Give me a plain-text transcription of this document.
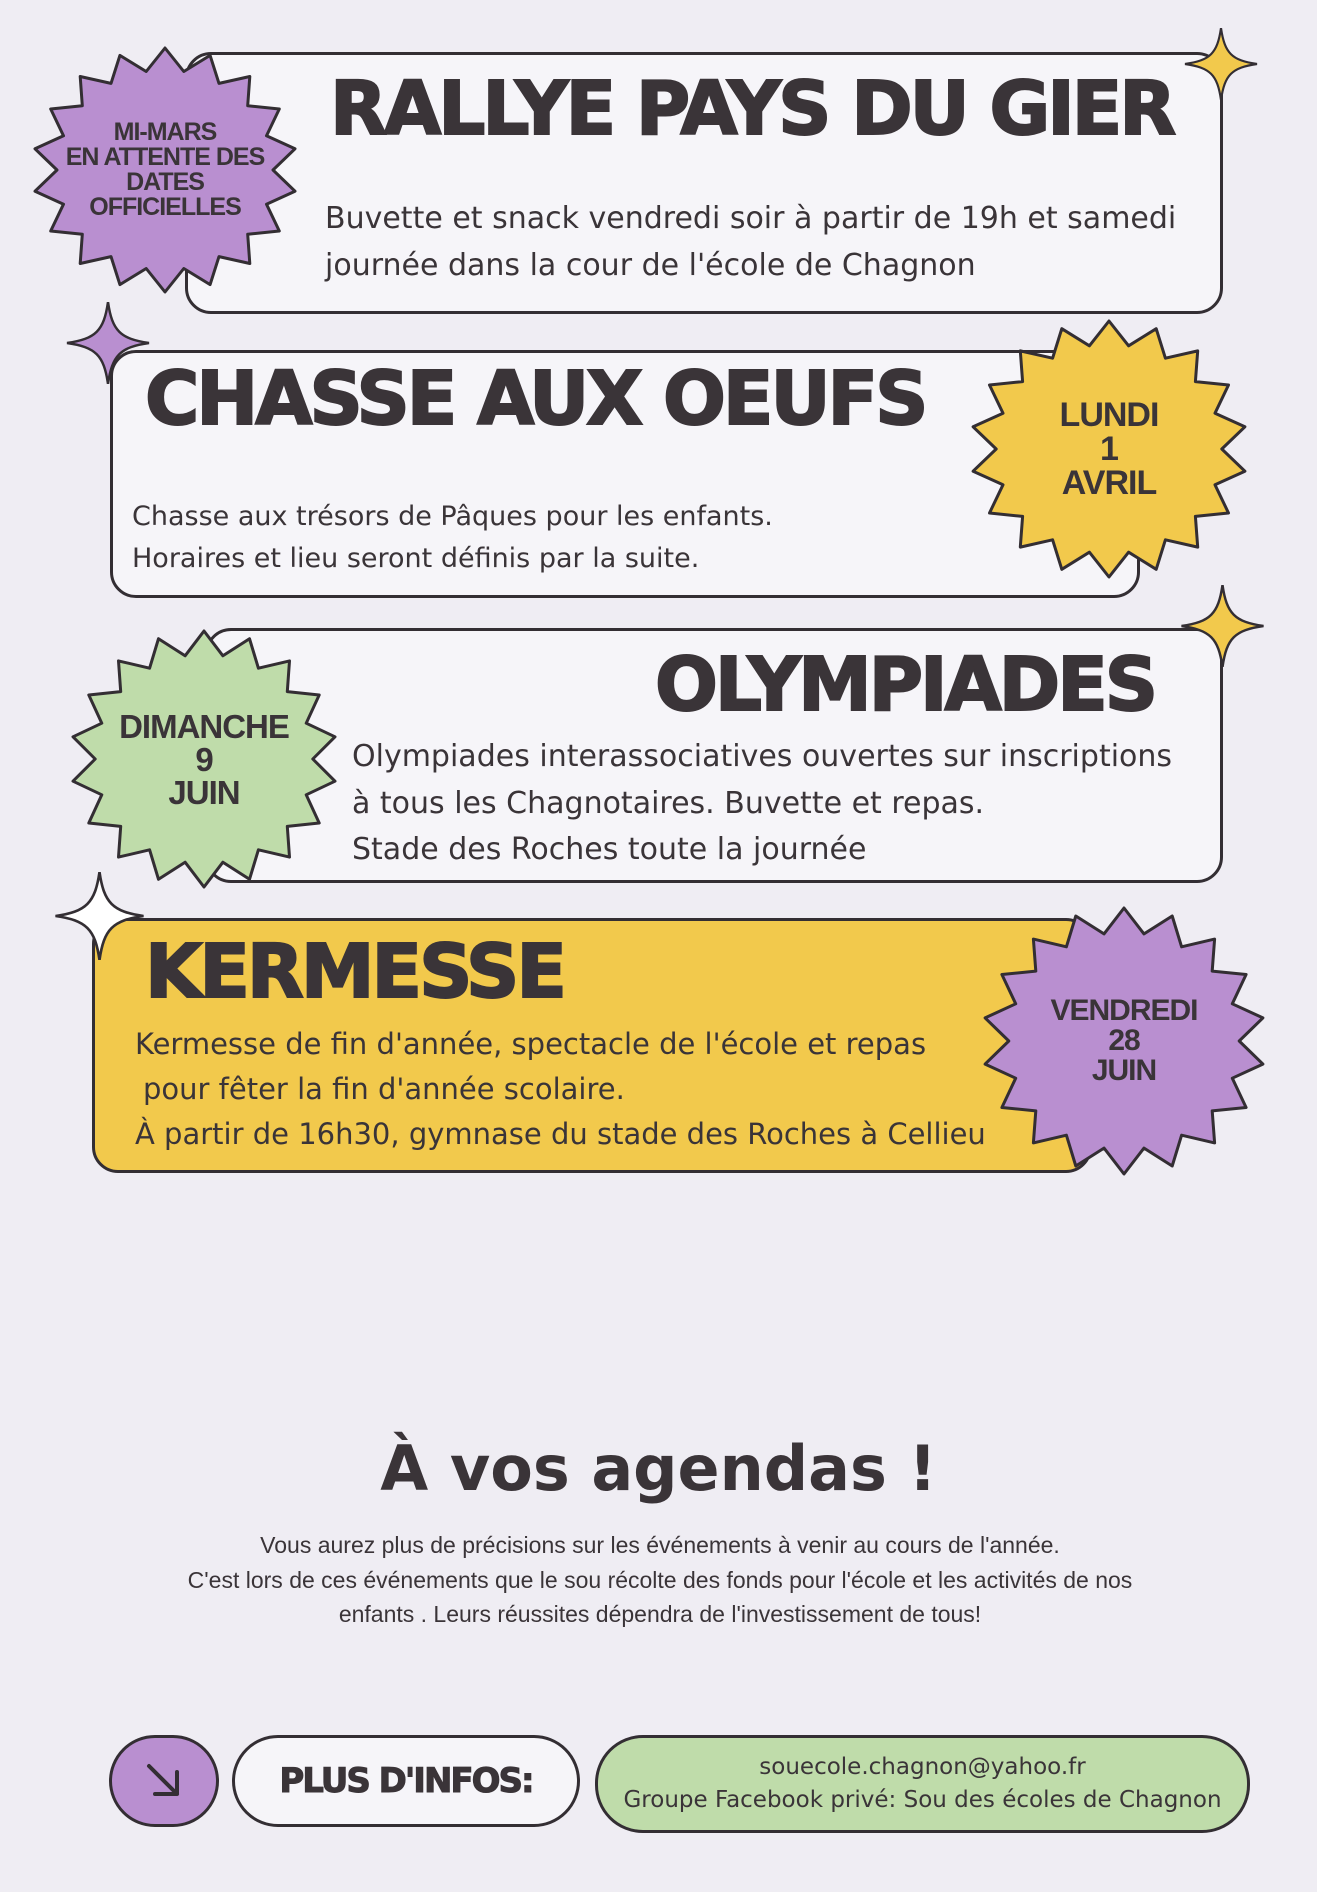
RALLYE PAYS DU GIER

Buvette et snack vendredi soir à partir de 19h et samedi
journée dans la cour de l'école de Chagnon

MI-MARS
EN ATTENTE DES
DATES
OFFICIELLES
CHASSE AUX OEUFS

Chasse aux trésors de Pâques pour les enfants.
Horaires et lieu seront définis par la suite.

LUNDI
1
AVRIL
OLYMPIADES

Olympiades interassociatives ouvertes sur inscriptions
à tous les Chagnotaires. Buvette et repas.
Stade des Roches toute la journée

DIMANCHE
9
JUIN
KERMESSE

Kermesse de fin d'année, spectacle de l'école et repas
pour fêter la fin d'année scolaire.
À partir de 16h30, gymnase du stade des Roches à Cellieu

VENDREDI
28
JUIN
À vos agendas !
Vous aurez plus de précisions sur les événements à venir au cours de l'année.
C'est lors de ces événements que le sou récolte des fonds pour l'école et les activités de nos
enfants . Leurs réussites dépendra de l'investissement de tous!
PLUS D'INFOS:	souecole.chagnon@yahoo.fr
Groupe Facebook privé: Sou des écoles de Chagnon
